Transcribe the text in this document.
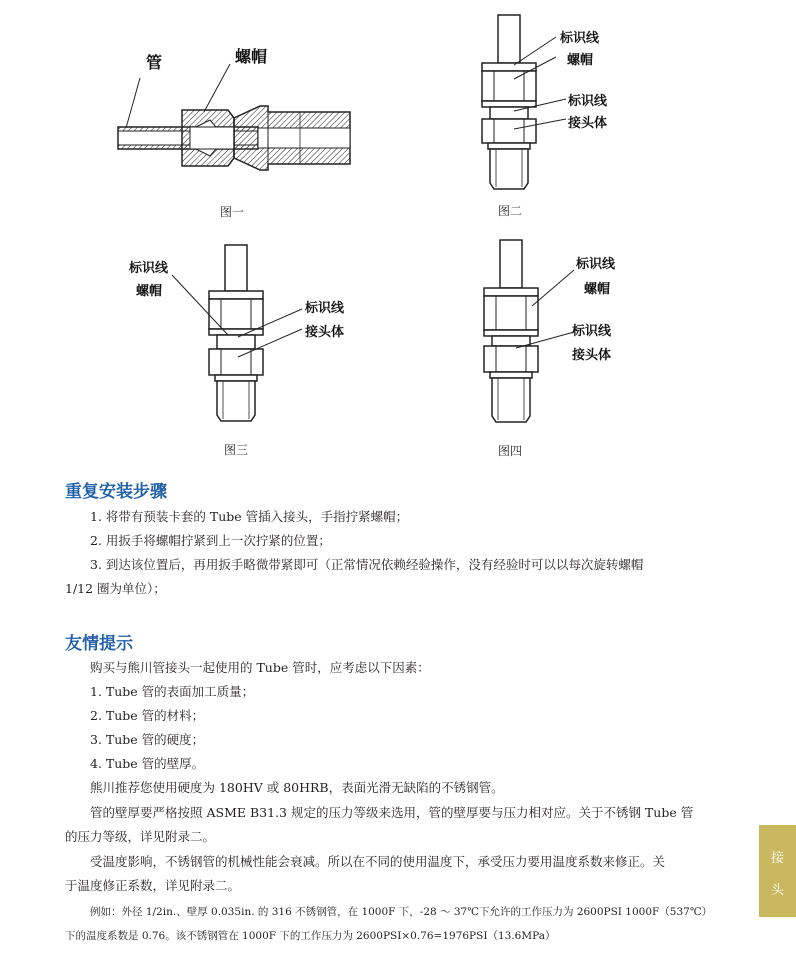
管	螺帽
图一
标识线
螺帽
标识线
接头体
图二
标识线
螺帽
标识线
接头体
图三
标识线
螺帽
标识线
接头体
图四
重复安装步骤
1. 将带有预装卡套的 Tube 管插入接头，手指拧紧螺帽；
2. 用扳手将螺帽拧紧到上一次拧紧的位置；
3. 到达该位置后，再用扳手略微带紧即可（正常情况依赖经验操作，没有经验时可以以每次旋转螺帽
1/12 圈为单位）；
友情提示
购买与熊川管接头一起使用的 Tube 管时，应考虑以下因素：
1. Tube 管的表面加工质量；
2. Tube 管的材料；
3. Tube 管的硬度；
4. Tube 管的壁厚。
熊川推荐您使用硬度为 180HV 或 80HRB，表面光滑无缺陷的不锈钢管。
管的壁厚要严格按照 ASME B31.3 规定的压力等级来选用，管的壁厚要与压力相对应。关于不锈钢 Tube 管
的压力等级，详见附录二。
受温度影响，不锈钢管的机械性能会衰减。所以在不同的使用温度下，承受压力要用温度系数来修正。关
于温度修正系数，详见附录二。
例如：外径 1/2in.、壁厚 0.035in. 的 316 不锈钢管，在 1000F 下，-28 ～ 37℃下允许的工作压力为 2600PSI 1000F（537℃）
下的温度系数是 0.76。该不锈钢管在 1000F 下的工作压力为 2600PSI×0.76=1976PSI（13.6MPa）
接
头
